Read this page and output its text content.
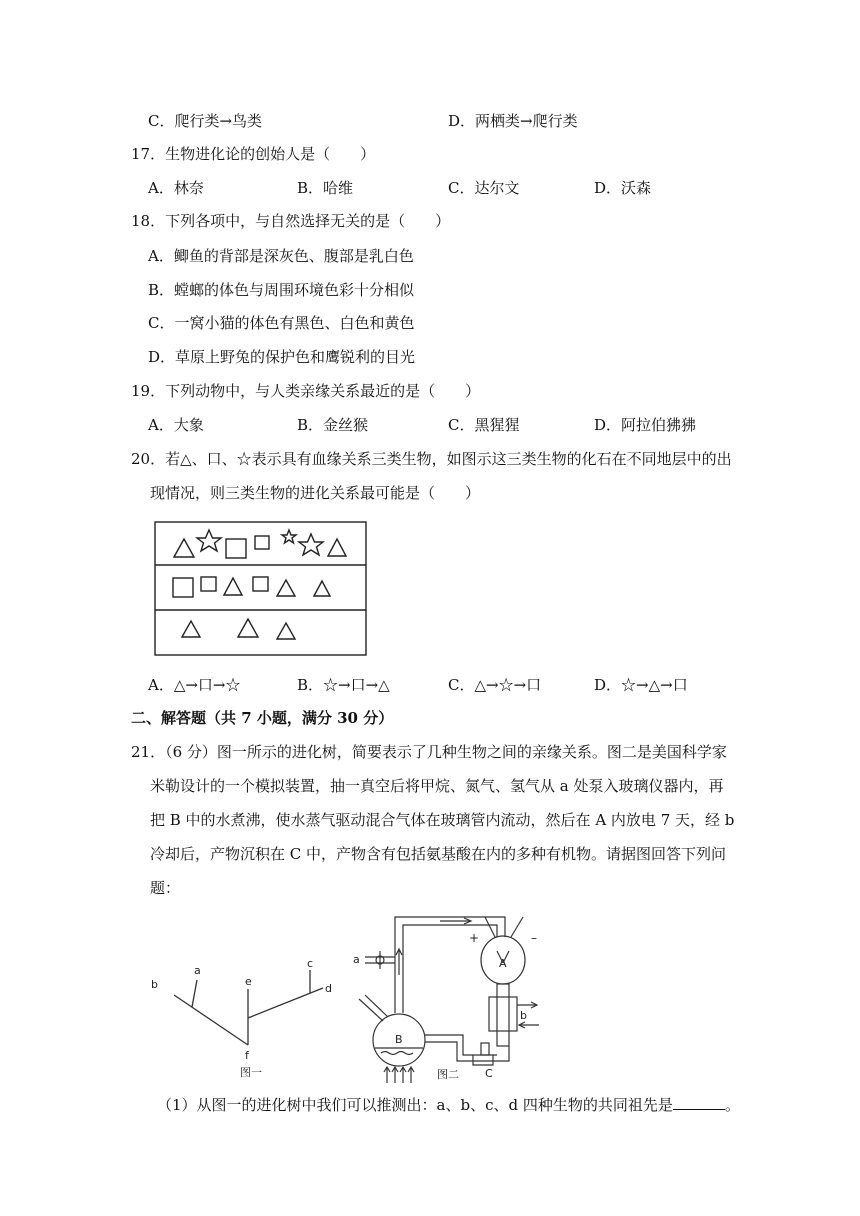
C．爬行类→鸟类	D．两栖类→爬行类
17．生物进化论的创始人是（　　）
A．林奈	B．哈维	C．达尔文	D．沃森
18．下列各项中，与自然选择无关的是（　　）
A．鲫鱼的背部是深灰色、腹部是乳白色
B．螳螂的体色与周围环境色彩十分相似
C．一窝小猫的体色有黑色、白色和黄色
D．草原上野兔的保护色和鹰锐利的目光
19．下列动物中，与人类亲缘关系最近的是（　　）
A．大象	B．金丝猴	C．黑猩猩	D．阿拉伯狒狒
20．若△、口、☆表示具有血缘关系三类生物，如图示这三类生物的化石在不同地层中的出
现情况，则三类生物的进化关系最可能是（　　）
A．△→口→☆	B．☆→口→△	C．△→☆→口	D．☆→△→口
二、解答题（共 7 小题，满分 30 分）
21．（6 分）图一所示的进化树，简要表示了几种生物之间的亲缘关系。图二是美国科学家
米勒设计的一个模拟装置，抽一真空后将甲烷、氮气、氢气从 a 处泵入玻璃仪器内，再
把 B 中的水煮沸，使水蒸气驱动混合气体在玻璃管内流动，然后在 A 内放电 7 天，经 b
冷却后，产物沉积在 C 中，产物含有包括氨基酸在内的多种有机物。请据图回答下列问
题：
b
a
e
c
d
f
图一
+	–
A
B
C
a
b
图二
（1）从图一的进化树中我们可以推测出：a、b、c、d 四种生物的共同祖先是	。
